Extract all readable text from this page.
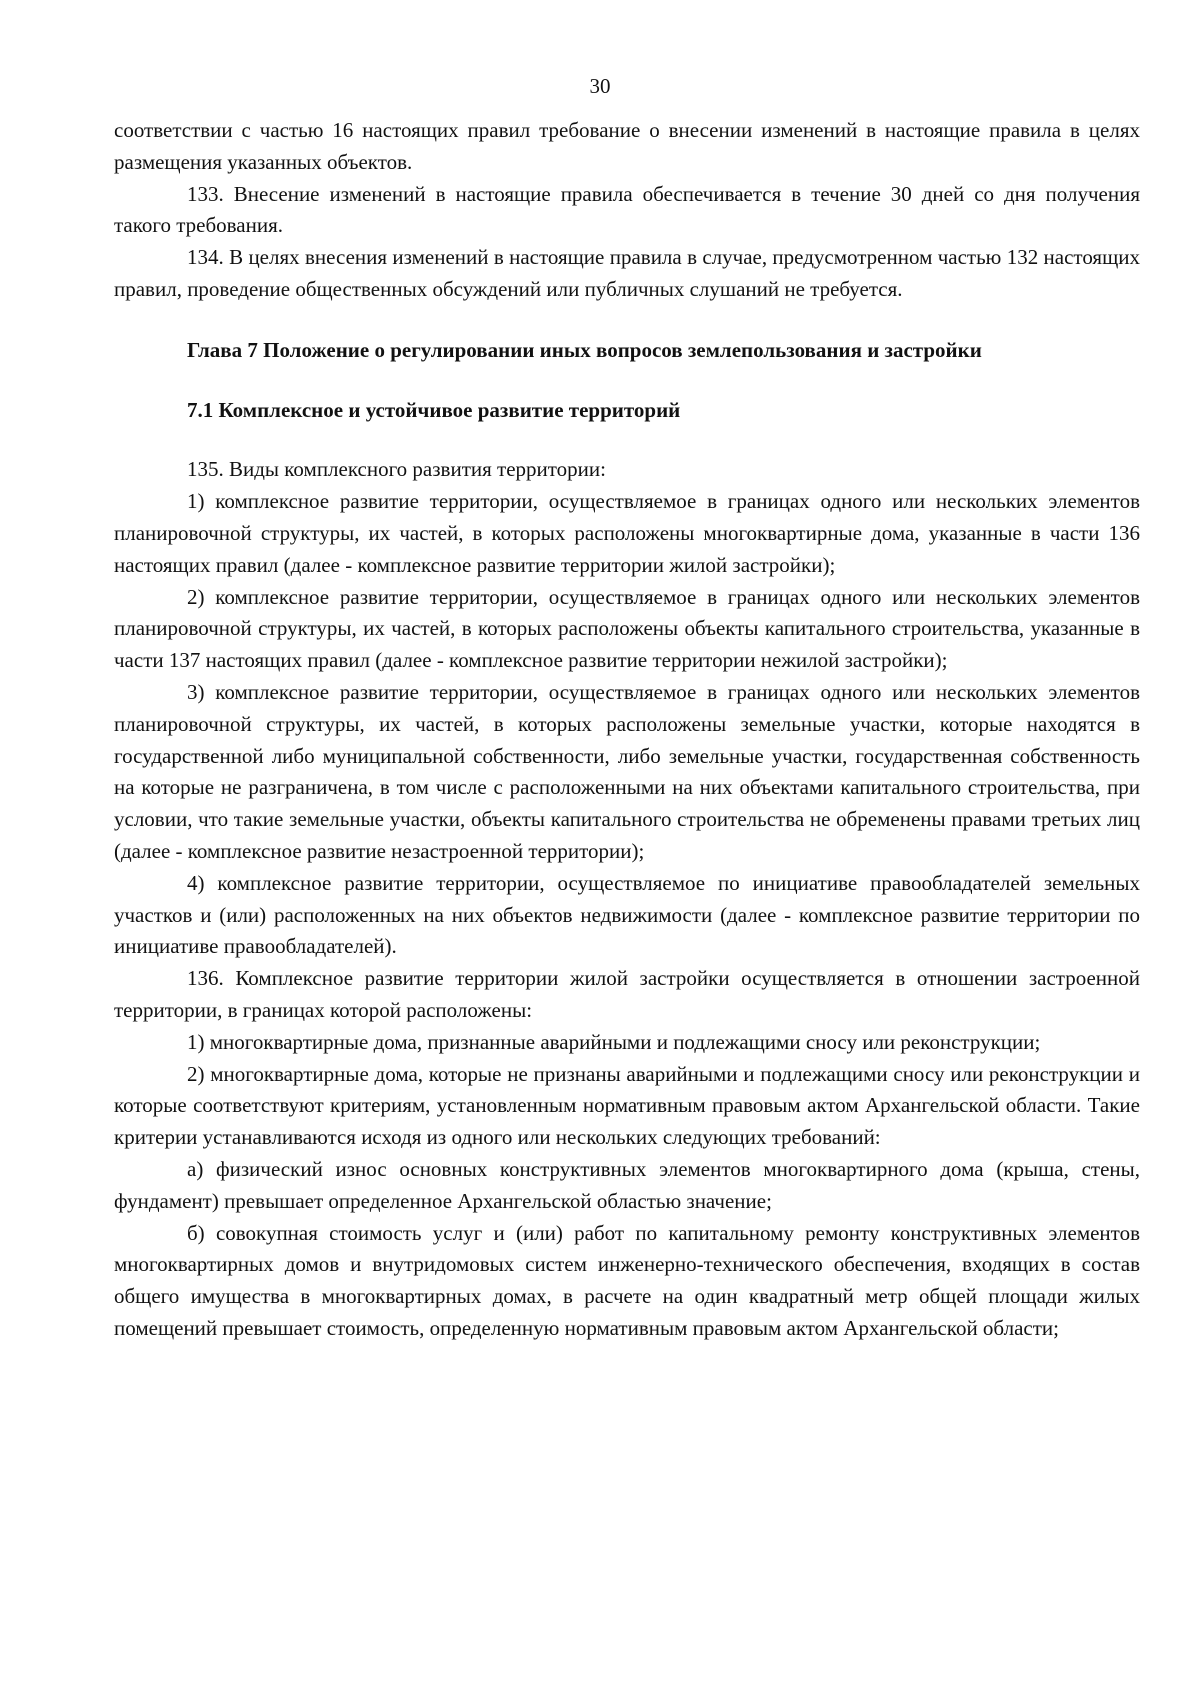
30

соответствии с частью 16 настоящих правил требование о внесении изменений в настоящие правила в целях размещения указанных объектов.

133. Внесение изменений в настоящие правила обеспечивается в течение 30 дней со дня получения такого требования.

134. В целях внесения изменений в настоящие правила в случае, предусмотренном частью 132 настоящих правил, проведение общественных обсуждений или публичных слушаний не требуется.

Глава 7 Положение о регулировании иных вопросов землепользования и застройки
7.1 Комплексное и устойчивое развитие территорий

135. Виды комплексного развития территории:

1) комплексное развитие территории, осуществляемое в границах одного или нескольких элементов планировочной структуры, их частей, в которых расположены многоквартирные дома, указанные в части 136 настоящих правил (далее - комплексное развитие территории жилой застройки);

2) комплексное развитие территории, осуществляемое в границах одного или нескольких элементов планировочной структуры, их частей, в которых расположены объекты капитального строительства, указанные в части 137 настоящих правил (далее - комплексное развитие территории нежилой застройки);

3) комплексное развитие территории, осуществляемое в границах одного или нескольких элементов планировочной структуры, их частей, в которых расположены земельные участки, которые находятся в государственной либо муниципальной собственности, либо земельные участки, государственная собственность на которые не разграничена, в том числе с расположенными на них объектами капитального строительства, при условии, что такие земельные участки, объекты капитального строительства не обременены правами третьих лиц (далее - комплексное развитие незастроенной территории);

4) комплексное развитие территории, осуществляемое по инициативе правообладателей земельных участков и (или) расположенных на них объектов недвижимости (далее - комплексное развитие территории по инициативе правообладателей).

136. Комплексное развитие территории жилой застройки осуществляется в отношении застроенной территории, в границах которой расположены:

1) многоквартирные дома, признанные аварийными и подлежащими сносу или реконструкции;

2) многоквартирные дома, которые не признаны аварийными и подлежащими сносу или реконструкции и которые соответствуют критериям, установленным нормативным правовым актом Архангельской области. Такие критерии устанавливаются исходя из одного или нескольких следующих требований:

а) физический износ основных конструктивных элементов многоквартирного дома (крыша, стены, фундамент) превышает определенное Архангельской областью значение;

б) совокупная стоимость услуг и (или) работ по капитальному ремонту конструктивных элементов многоквартирных домов и внутридомовых систем инженерно-технического обеспечения, входящих в состав общего имущества в многоквартирных домах, в расчете на один квадратный метр общей площади жилых помещений превышает стоимость, определенную нормативным правовым актом Архангельской области;
